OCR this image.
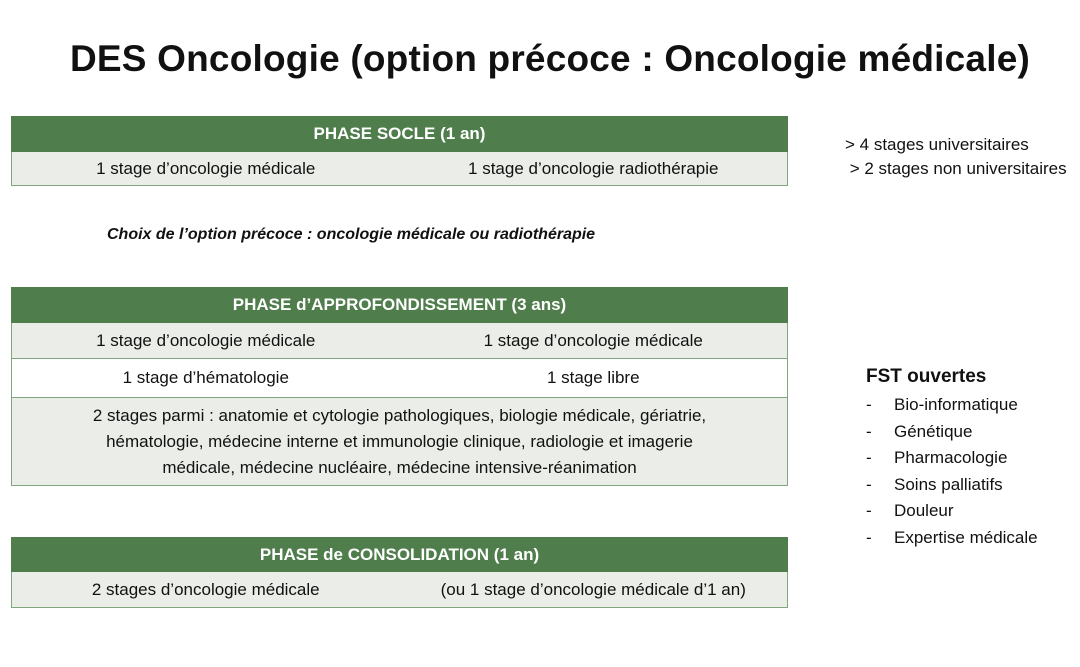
DES Oncologie (option précoce : Oncologie médicale)
PHASE SOCLE (1 an)
1 stage d’oncologie médicale	1 stage d’oncologie radiothérapie
Choix de l’option précoce : oncologie médicale ou radiothérapie
PHASE d’APPROFONDISSEMENT (3 ans)	
1 stage d’oncologie médicale	1 stage d’oncologie médicale
1 stage d’hématologie	1 stage libre

2 stages parmi : anatomie et cytologie pathologiques, biologie médicale, gériatrie,
hématologie, médecine interne et immunologie clinique, radiologie et imagerie
médicale, médecine nucléaire, médecine intensive-réanimation	
PHASE de CONSOLIDATION (1 an)
2 stages d’oncologie médicale	(ou 1 stage d’oncologie médicale d’1 an)
> 4 stages universitaires
> 2 stages non universitaires
FST ouvertes
- Bio-informatique
- Génétique
- Pharmacologie
- Soins palliatifs
- Douleur
- Expertise médicale
